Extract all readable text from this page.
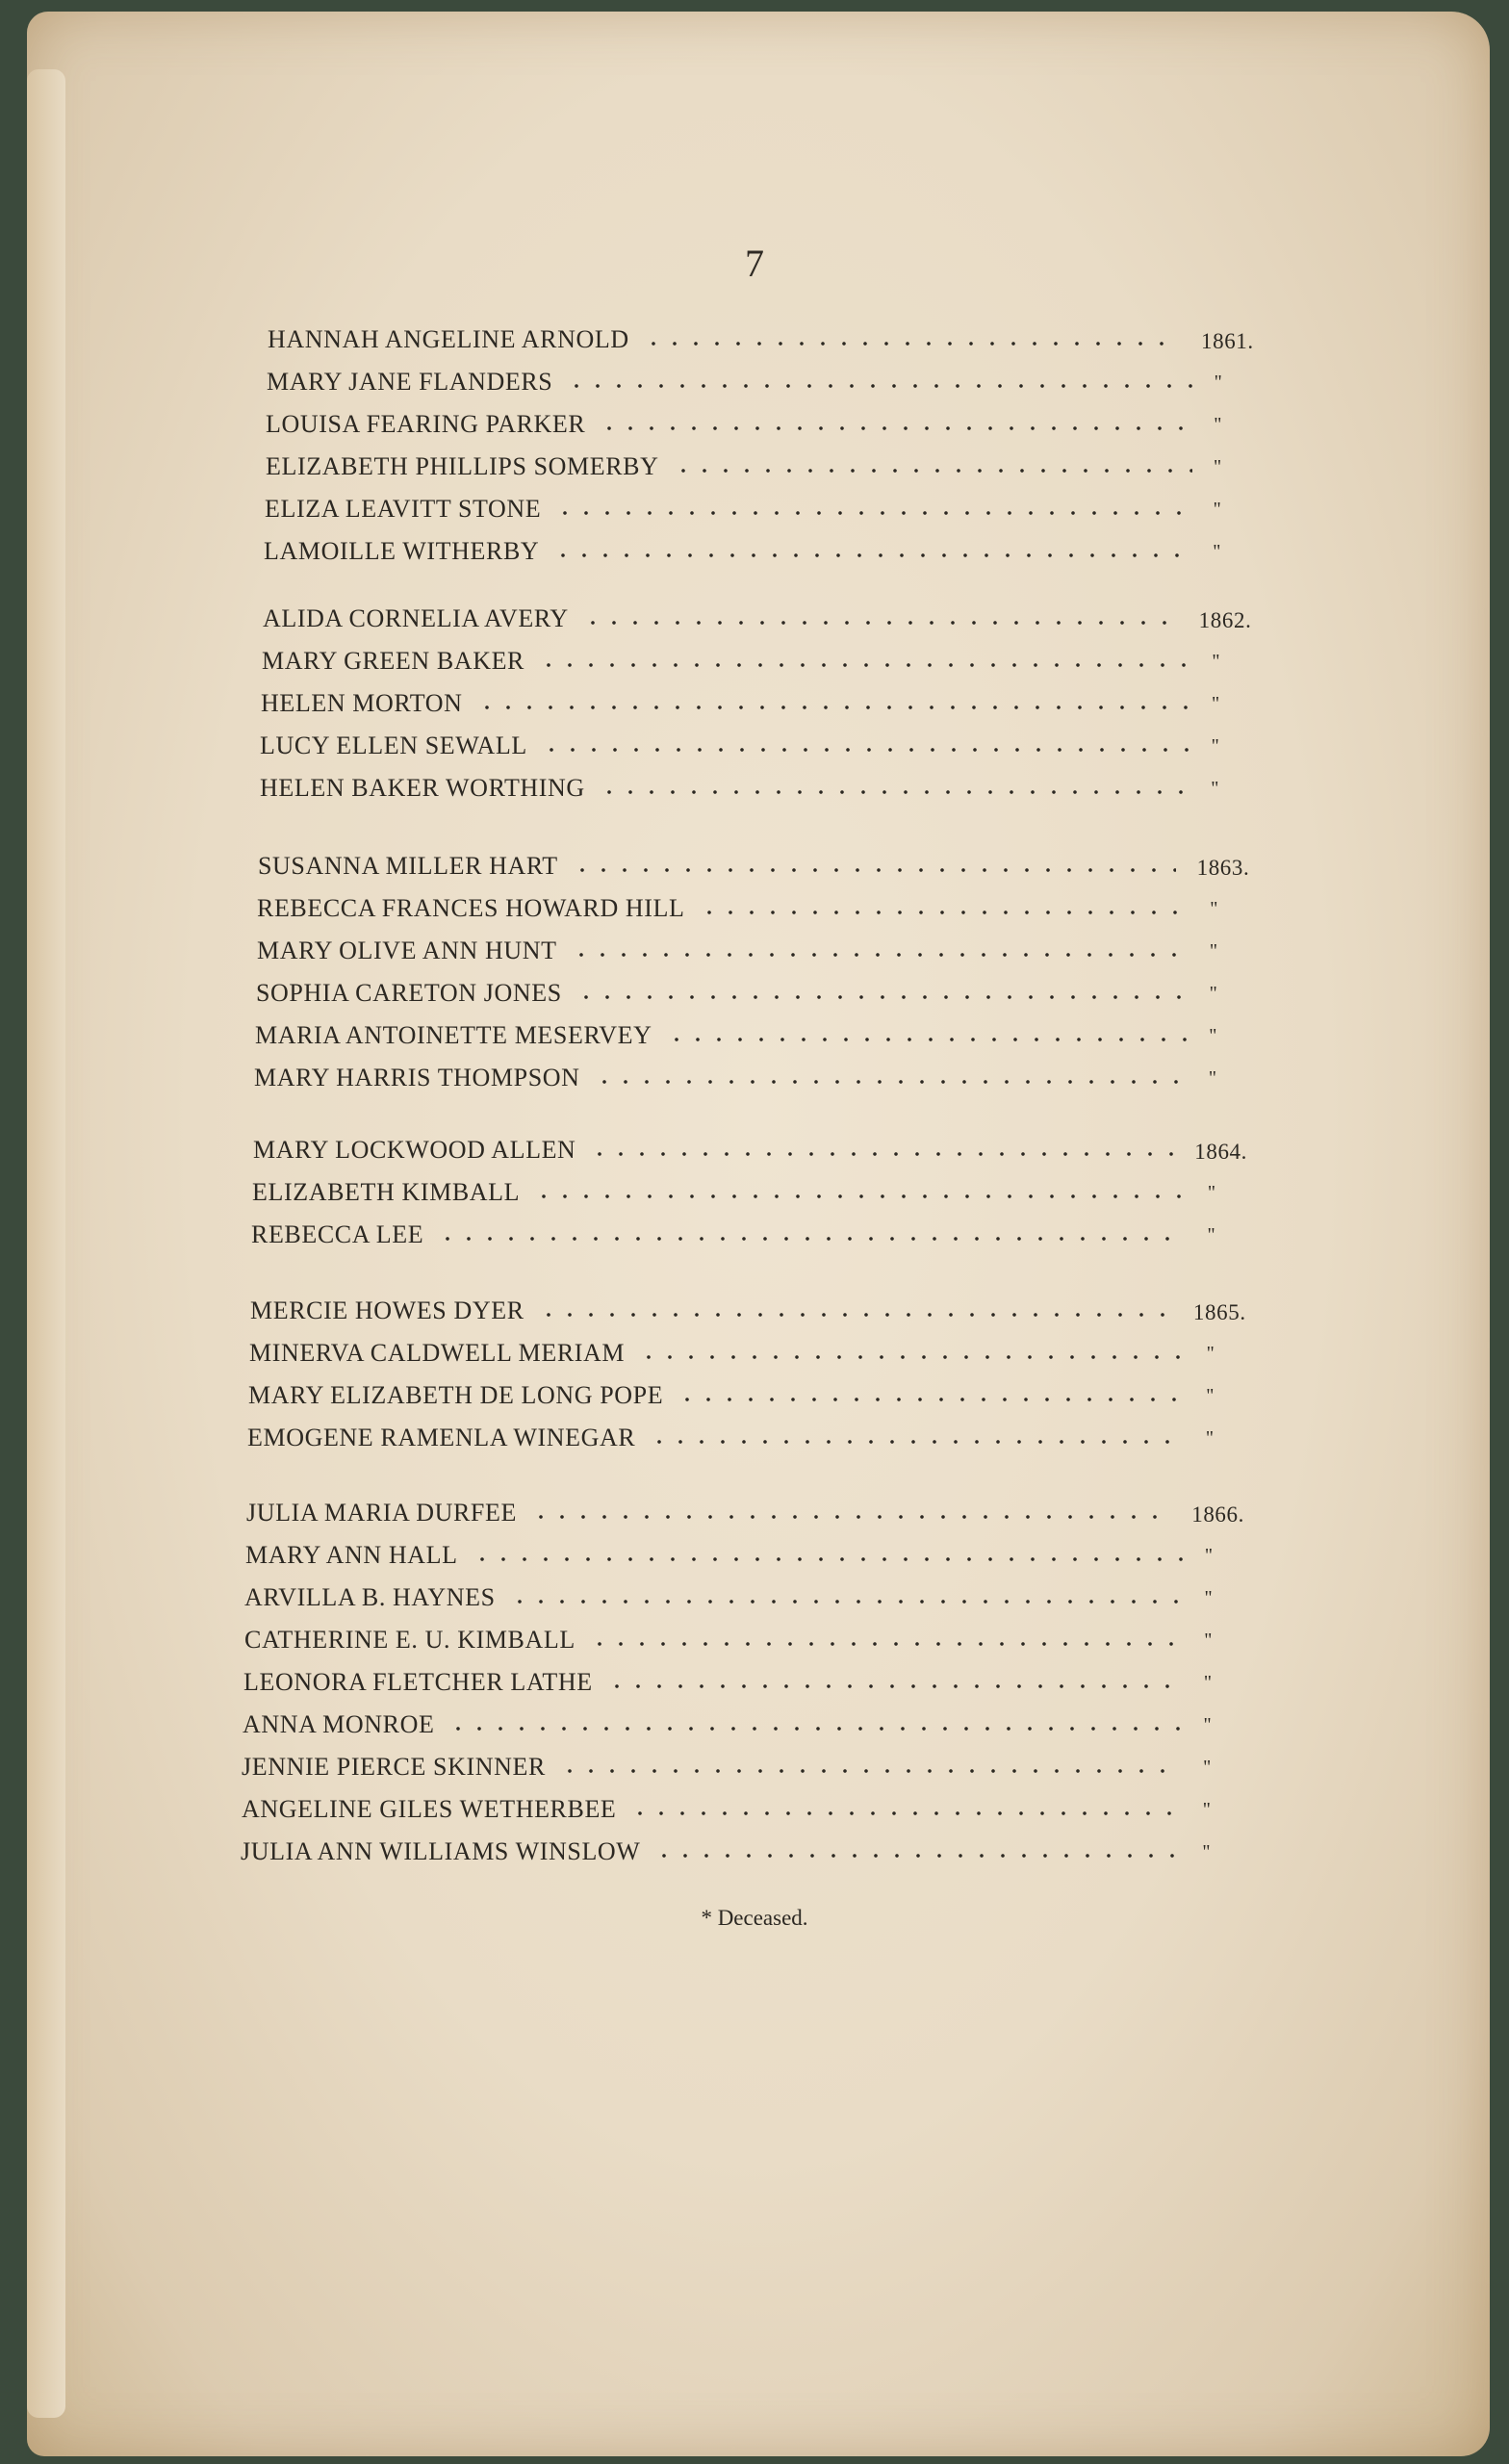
7
HANNAH ANGELINE ARNOLD	1861.
MARY JANE FLANDERS	"
LOUISA FEARING PARKER	"
ELIZABETH PHILLIPS SOMERBY	"
ELIZA LEAVITT STONE	"
LAMOILLE WITHERBY	"
ALIDA CORNELIA AVERY	1862.
MARY GREEN BAKER	"
HELEN MORTON	"
LUCY ELLEN SEWALL	"
HELEN BAKER WORTHING	"
SUSANNA MILLER HART	1863.
REBECCA FRANCES HOWARD HILL	"
MARY OLIVE ANN HUNT	"
SOPHIA CARETON JONES	"
MARIA ANTOINETTE MESERVEY	"
MARY HARRIS THOMPSON	"
MARY LOCKWOOD ALLEN	1864.
ELIZABETH KIMBALL	"
REBECCA LEE	"
MERCIE HOWES DYER	1865.
MINERVA CALDWELL MERIAM	"
MARY ELIZABETH DE LONG POPE	"
EMOGENE RAMENLA WINEGAR	"
JULIA MARIA DURFEE	1866.
MARY ANN HALL	"
ARVILLA B. HAYNES	"
CATHERINE E. U. KIMBALL	"
LEONORA FLETCHER LATHE	"
ANNA MONROE	"
JENNIE PIERCE SKINNER	"
ANGELINE GILES WETHERBEE	"
JULIA ANN WILLIAMS WINSLOW	"
* Deceased.
